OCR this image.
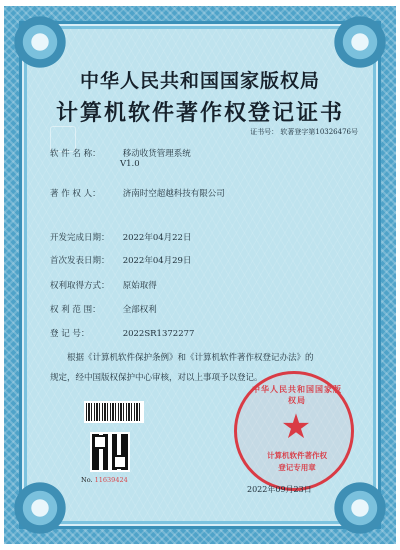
中华人民共和国国家版权局
计算机软件著作权登记证书
证书号： 软著登字第10326476号
软 件 名 称：	移动收货管理系统
V1.0
著 作 权 人：	济南时空超越科技有限公司
开发完成日期： 2022年04月22日
首次发表日期： 2022年04月29日
权利取得方式： 原始取得
权 利 范 围：	全部权利
登 记 号：	2022SR1372277
根据《计算机软件保护条例》和《计算机软件著作权登记办法》的
规定，经中国版权保护中心审核，对以上事项予以登记。
No. 11639424
中华人民共和国国家版权局
★
计算机软件著作权
登记专用章
2022年09月23日
